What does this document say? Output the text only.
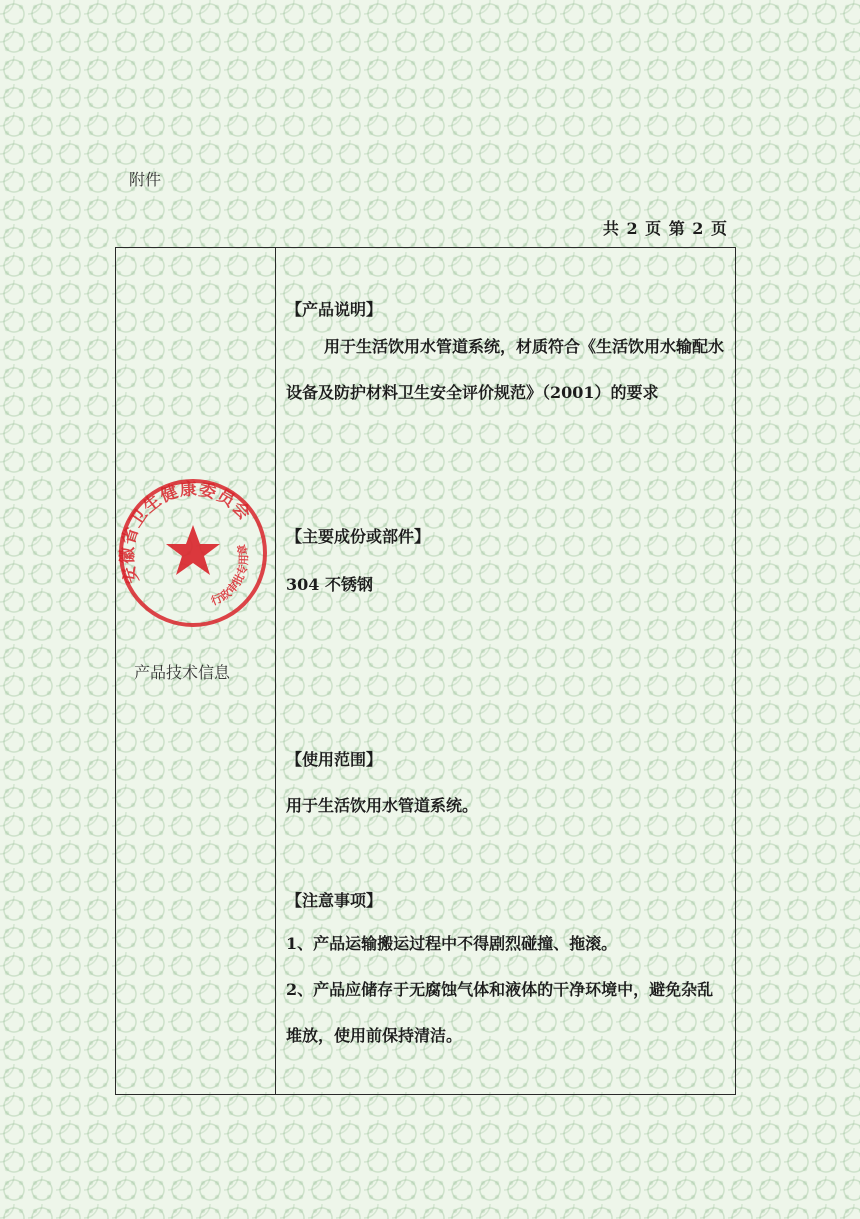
附件
共 2 页 第 2 页
产品技术信息

【产品说明】

用于生活饮用水管道系统，材质符合《生活饮用水输配水设备及防护材料卫生安全评价规范》（2001）的要求

【主要成份或部件】

304 不锈钢

【使用范围】

用于生活饮用水管道系统。

【注意事项】

1、产品运输搬运过程中不得剧烈碰撞、拖滚。

2、产品应储存于无腐蚀气体和液体的干净环境中，避免杂乱堆放，使用前保持清洁。

安徽省卫生健康委员会
行政审批专用章
